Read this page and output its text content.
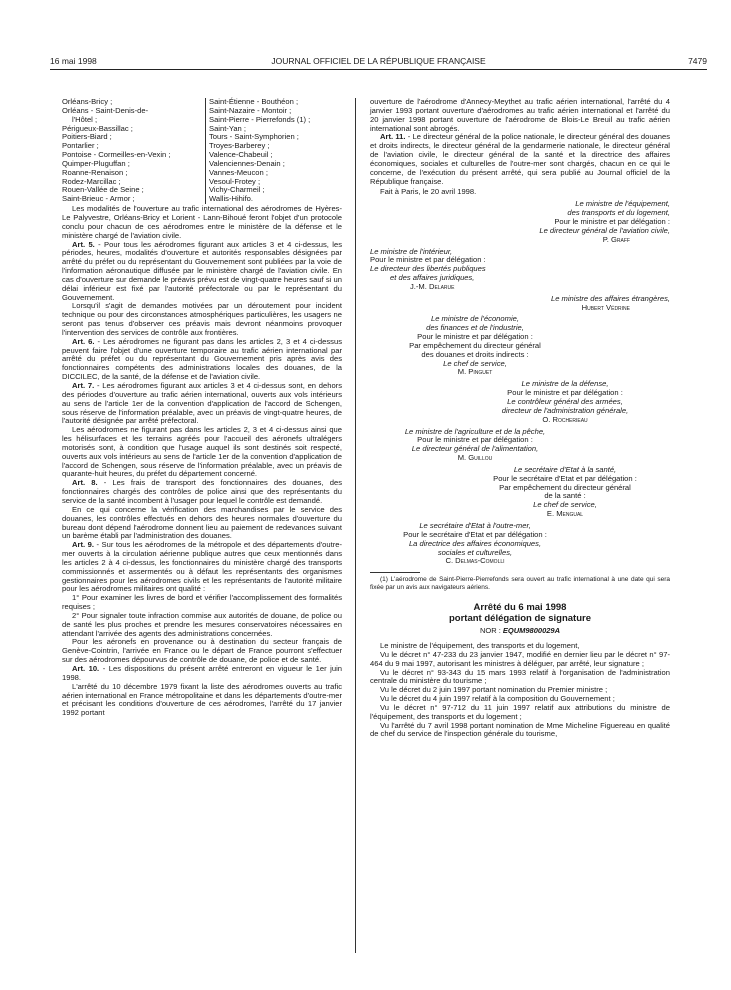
16 mai 1998	JOURNAL OFFICIEL DE LA RÉPUBLIQUE FRANÇAISE	7479

Orléans-Bricy ;

Orléans - Saint-Denis-de-

l'Hôtel ;

Périgueux-Bassillac ;

Poitiers-Biard ;

Pontarlier ;

Pontoise - Cormeilles-en-Vexin ;

Quimper-Pluguffan ;

Roanne-Renaison ;

Rodez-Marcillac ;

Rouen-Vallée de Seine ;

Saint-Brieuc - Armor ;

Saint-Étienne - Bouthéon ;

Saint-Nazaire - Montoir ;

Saint-Pierre - Pierrefonds (1) ;

Saint-Yan ;

Tours - Saint-Symphorien ;

Troyes-Barberey ;

Valence-Chabeuil ;

Valenciennes-Denain ;

Vannes-Meucon ;

Vesoul-Frotey ;

Vichy-Charmeil ;

Wallis-Hihifo.

Les modalités de l'ouverture au trafic international des aérodromes de Hyères-Le Palyvestre, Orléans-Bricy et Lorient - Lann-Bihoué feront l'objet d'un protocole conclu pour chacun de ces aérodromes entre le ministère de la défense et le ministère chargé de l'aviation civile.

Art. 5. - Pour tous les aérodromes figurant aux articles 3 et 4 ci-dessus, les périodes, heures, modalités d'ouverture et autorités responsables désignées par arrêté du préfet ou du représentant du Gouvernement sont publiées par la voie de l'information aéronautique diffusée par le ministère chargé de l'aviation civile. En cas d'ouverture sur demande le préavis prévu est de vingt-quatre heures sauf si un délai inférieur est fixé par l'autorité préfectorale ou par le représentant du Gouvernement.

Lorsqu'il s'agit de demandes motivées par un déroutement pour incident technique ou pour des circonstances atmosphériques particulières, les usagers ne seront pas tenus d'observer ces préavis mais devront néanmoins provoquer l'intervention des services de contrôle aux frontières.

Art. 6. - Les aérodromes ne figurant pas dans les articles 2, 3 et 4 ci-dessus peuvent faire l'objet d'une ouverture temporaire au trafic aérien international par arrêté du préfet ou du représentant du Gouvernement pris après avis des fonctionnaires compétents des administrations locales des douanes, de la DICCILEC, de la santé, de la défense et de l'aviation civile.

Art. 7. - Les aérodromes figurant aux articles 3 et 4 ci-dessus sont, en dehors des périodes d'ouverture au trafic aérien international, ouverts aux vols intérieurs au sens de l'article 1er de la convention d'application de l'accord de Schengen, sous réserve de l'information préalable, avec un préavis de vingt-quatre heures, de l'autorité désignée par arrêté préfectoral.

Les aérodromes ne figurant pas dans les articles 2, 3 et 4 ci-dessus ainsi que les hélisurfaces et les terrains agréés pour l'accueil des aéronefs ultralégers motorisés sont, à condition que l'usage auquel ils sont destinés soit respecté, ouverts aux vols intérieurs au sens de l'article 1er de la convention d'application de l'accord de Schengen, sous réserve de l'information préalable, avec un préavis de quarante-huit heures, du préfet du département concerné.

Art. 8. - Les frais de transport des fonctionnaires des douanes, des fonctionnaires chargés des contrôles de police ainsi que des représentants du service de la santé incombent à l'usager pour lequel le contrôle est demandé.

En ce qui concerne la vérification des marchandises par le service des douanes, les contrôles effectués en dehors des heures normales d'ouverture du bureau dont dépend l'aérodrome donnent lieu au paiement de redevances suivant un barème établi par l'administration des douanes.

Art. 9. - Sur tous les aérodromes de la métropole et des départements d'outre-mer ouverts à la circulation aérienne publique autres que ceux mentionnés dans les articles 2 à 4 ci-dessus, les fonctionnaires du ministère chargé des transports commissionnés et assermentés ou à défaut les représentants des organismes gestionnaires pour les aérodromes civils et les représentants de l'autorité militaire pour les aérodromes militaires ont qualité :

1° Pour examiner les livres de bord et vérifier l'accomplissement des formalités requises ;

2° Pour signaler toute infraction commise aux autorités de douane, de police ou de santé les plus proches et prendre les mesures conservatoires nécessaires en attendant l'arrivée des agents des administrations concernées.

Pour les aéronefs en provenance ou à destination du secteur français de Genève-Cointrin, l'arrivée en France ou le départ de France pourront s'effectuer sur des aérodromes dépourvus de contrôle de douane, de police et de santé.

Art. 10. - Les dispositions du présent arrêté entreront en vigueur le 1er juin 1998.

L'arrêté du 10 décembre 1979 fixant la liste des aérodromes ouverts au trafic aérien international en France métropolitaine et dans les départements d'outre-mer et précisant les conditions d'ouverture de ces aérodromes, l'arrêté du 17 janvier 1992 portant

ouverture de l'aérodrome d'Annecy-Meythet au trafic aérien international, l'arrêté du 4 janvier 1993 portant ouverture d'aérodromes au trafic aérien international et l'arrêté du 20 janvier 1998 portant ouverture de l'aérodrome de Blois-Le Breuil au trafic aérien international sont abrogés.

Art. 11. - Le directeur général de la police nationale, le directeur général des douanes et droits indirects, le directeur général de la gendarmerie nationale, le directeur général de l'aviation civile, le directeur général de la santé et la directrice des affaires économiques, sociales et culturelles de l'outre-mer sont chargés, chacun en ce qui le concerne, de l'exécution du présent arrêté, qui sera publié au Journal officiel de la République française.

Fait à Paris, le 20 avril 1998.

Le ministre de l'équipement,

des transports et du logement,

Pour le ministre et par délégation :

Le directeur général de l'aviation civile,

P. Graff

Le ministre de l'intérieur,

Pour le ministre et par délégation :

Le directeur des libertés publiques

et des affaires juridiques,

J.-M. Delarue

Le ministre des affaires étrangères,

Hubert Védrine

Le ministre de l'économie,

des finances et de l'industrie,

Pour le ministre et par délégation :

Par empêchement du directeur général

des douanes et droits indirects :

Le chef de service,

M. Pinguet

Le ministre de la défense,

Pour le ministre et par délégation :

Le contrôleur général des armées,

directeur de l'administration générale,

O. Rocherieau

Le ministre de l'agriculture et de la pêche,

Pour le ministre et par délégation :

Le directeur général de l'alimentation,

M. Guillou

Le secrétaire d'Etat à la santé,

Pour le secrétaire d'Etat et par délégation :

Par empêchement du directeur général

de la santé :

Le chef de service,

E. Mengual

Le secrétaire d'Etat à l'outre-mer,

Pour le secrétaire d'Etat et par délégation :

La directrice des affaires économiques,

sociales et culturelles,

C. Delmas-Comolli

(1) L'aérodrome de Saint-Pierre-Pierrefonds sera ouvert au trafic international à une date qui sera fixée par un avis aux navigateurs aériens.

Arrêté du 6 mai 1998

portant délégation de signature

NOR : EQUM9800029A

Le ministre de l'équipement, des transports et du logement,

Vu le décret n° 47-233 du 23 janvier 1947, modifié en dernier lieu par le décret n° 97-464 du 9 mai 1997, autorisant les ministres à déléguer, par arrêté, leur signature ;

Vu le décret n° 93-343 du 15 mars 1993 relatif à l'organisation de l'administration centrale du ministère du tourisme ;

Vu le décret du 2 juin 1997 portant nomination du Premier ministre ;

Vu le décret du 4 juin 1997 relatif à la composition du Gouvernement ;

Vu le décret n° 97-712 du 11 juin 1997 relatif aux attributions du ministre de l'équipement, des transports et du logement ;

Vu l'arrêté du 7 avril 1998 portant nomination de Mme Micheline Figuereau en qualité de chef du service de l'inspection générale du tourisme,
